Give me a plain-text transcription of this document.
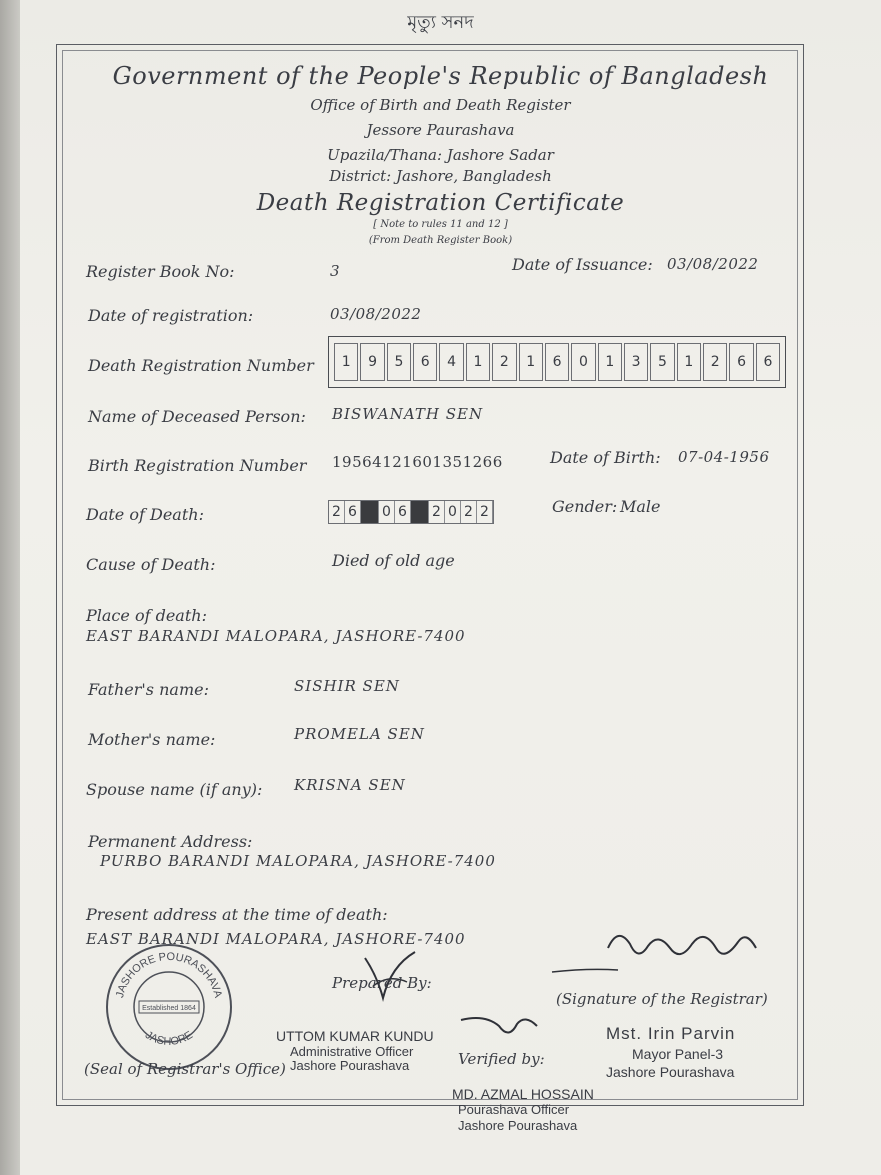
মৃত্যু সনদ
Government of the People's Republic of Bangladesh
Office of Birth and Death Register
Jessore Paurashava
Upazila/Thana: Jashore Sadar
District: Jashore, Bangladesh
Death Registration Certificate
[ Note to rules 11 and 12 ]
(From Death Register Book)
Register Book No:	3	Date of Issuance: 03/08/2022
Date of registration:	03/08/2022
Death Registration Number	1	9	5	6	4	1	2	1	6	0	1	3	5	1	2	6	6
Name of Deceased Person: BISWANATH SEN
Birth Registration Number 19564121601351266	Date of Birth: 07-04-1956
Date of Death:	2 6 0 6 2 0 2 2	Gender: Male
Cause of Death:	Died of old age
Place of death:
EAST BARANDI MALOPARA, JASHORE-7400
Father's name:	SISHIR SEN
Mother's name:	PROMELA SEN
Spouse name (if any): KRISNA SEN
Permanent Address:
PURBO BARANDI MALOPARA, JASHORE-7400
Present address at the time of death:
EAST BARANDI MALOPARA, JASHORE-7400
JASHORE POURASHAVA
JASHORE
Established 1864
(Seal of Registrar's Office)
Prepared By:
UTTOM KUMAR KUNDU
Administrative Officer
Jashore Pourashava	Verified by:
MD. AZMAL HOSSAIN
Pourashava Officer
Jashore Pourashava
(Signature of the Registrar)
Mst. Irin Parvin
Mayor Panel-3
Jashore Pourashava
